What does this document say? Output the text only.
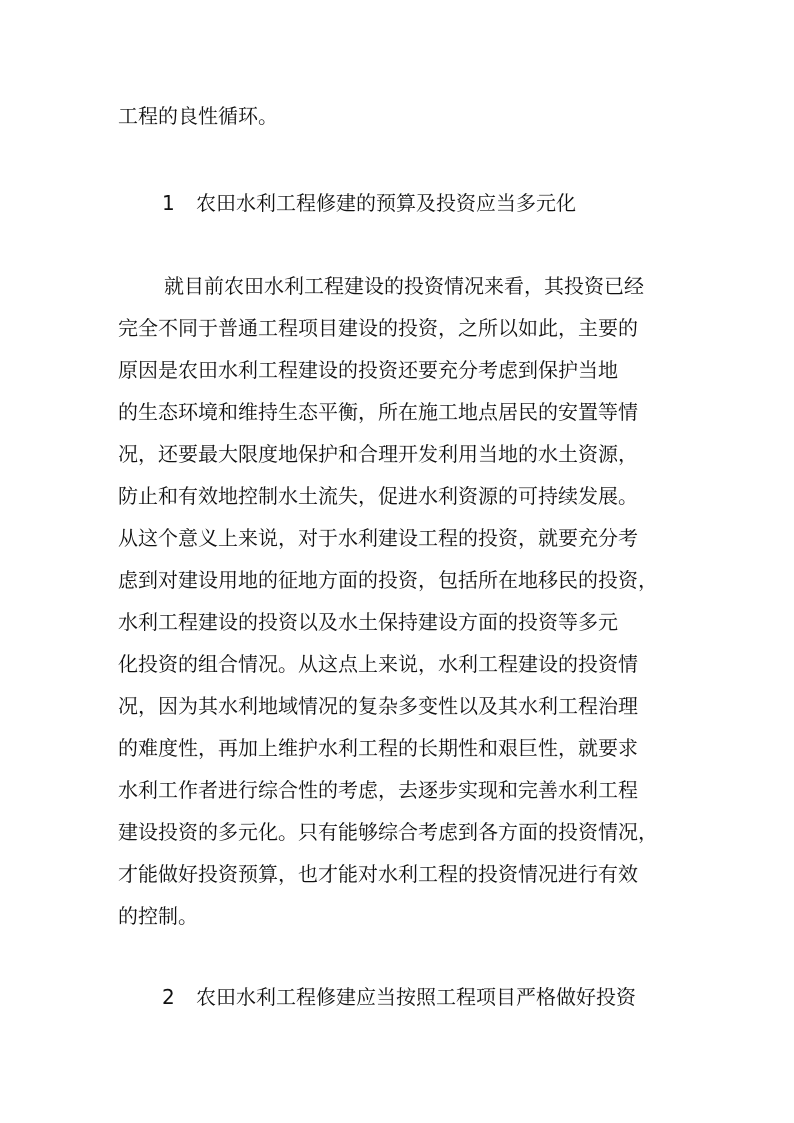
工程的良性循环。
1 农田水利工程修建的预算及投资应当多元化
就目前农田水利工程建设的投资情况来看，其投资已经
完全不同于普通工程项目建设的投资，之所以如此，主要的
原因是农田水利工程建设的投资还要充分考虑到保护当地
的生态环境和维持生态平衡，所在施工地点居民的安置等情
况，还要最大限度地保护和合理开发利用当地的水土资源，
防止和有效地控制水土流失，促进水利资源的可持续发展。
从这个意义上来说，对于水利建设工程的投资，就要充分考
虑到对建设用地的征地方面的投资，包括所在地移民的投资，
水利工程建设的投资以及水土保持建设方面的投资等多元
化投资的组合情况。从这点上来说，水利工程建设的投资情
况，因为其水利地域情况的复杂多变性以及其水利工程治理
的难度性，再加上维护水利工程的长期性和艰巨性，就要求
水利工作者进行综合性的考虑，去逐步实现和完善水利工程
建设投资的多元化。只有能够综合考虑到各方面的投资情况，
才能做好投资预算，也才能对水利工程的投资情况进行有效
的控制。
2 农田水利工程修建应当按照工程项目严格做好投资
